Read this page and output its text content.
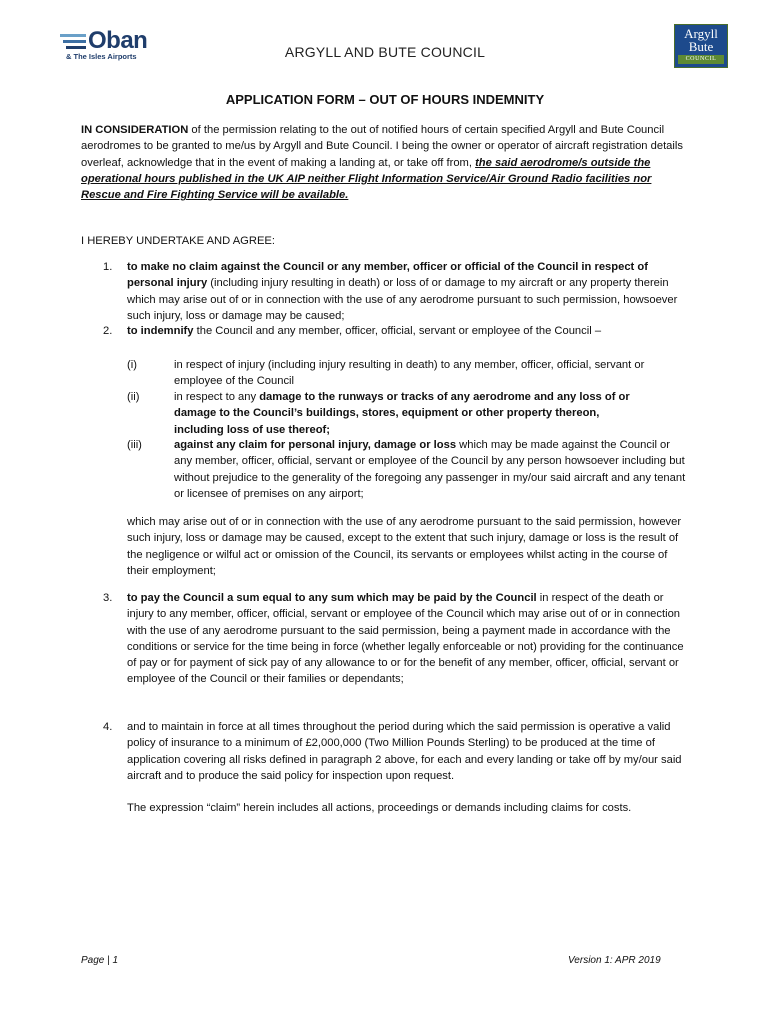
Oban
& The Isles Airports	ARGYLL AND BUTE COUNCIL
Argyll
Bute
COUNCIL
APPLICATION FORM – OUT OF HOURS INDEMNITY
IN CONSIDERATION of the permission relating to the out of notified hours of certain specified Argyll and Bute Council aerodromes to be granted to me/us by Argyll and Bute Council. I being the owner or operator of aircraft registration details overleaf, acknowledge that in the event of making a landing at, or take off from, the said aerodrome/s outside the operational hours published in the UK AIP neither Flight Information Service/Air Ground Radio facilities nor Rescue and Fire Fighting Service will be available.
I HEREBY UNDERTAKE AND AGREE:
1. to make no claim against the Council or any member, officer or official of the Council in respect of personal injury (including injury resulting in death) or loss of or damage to my aircraft or any property therein which may arise out of or in connection with the use of any aerodrome pursuant to such permission, howsoever such injury, loss or damage may be caused;
2. to indemnify the Council and any member, officer, official, servant or employee of the Council –
(i)	in respect of injury (including injury resulting in death) to any member, officer, official, servant or employee of the Council
(ii)	in respect to any damage to the runways or tracks of any aerodrome and any loss of or damage to the Council’s buildings, stores, equipment or other property thereon, including loss of use thereof;
(iii)	against any claim for personal injury, damage or loss which may be made against the Council or any member, officer, official, servant or employee of the Council by any person howsoever including but without prejudice to the generality of the foregoing any passenger in my/our said aircraft and any tenant or licensee of premises on any airport;
which may arise out of or in connection with the use of any aerodrome pursuant to the said permission, however such injury, loss or damage may be caused, except to the extent that such injury, damage or loss is the result of the negligence or wilful act or omission of the Council, its servants or employees whilst acting in the course of their employment;
3. to pay the Council a sum equal to any sum which may be paid by the Council in respect of the death or injury to any member, officer, official, servant or employee of the Council which may arise out of or in connection with the use of any aerodrome pursuant to the said permission, being a payment made in accordance with the conditions or service for the time being in force (whether legally enforceable or not) providing for the continuance of pay or for payment of sick pay of any allowance to or for the benefit of any member, officer, official, servant or employee of the Council or their families or dependants;
4. and to maintain in force at all times throughout the period during which the said permission is operative a valid policy of insurance to a minimum of £2,000,000 (Two Million Pounds Sterling) to be produced at the time of application covering all risks defined in paragraph 2 above, for each and every landing or take off by my/our said aircraft and to produce the said policy for inspection upon request.
The expression “claim” herein includes all actions, proceedings or demands including claims for costs.
Page | 1	Version 1: APR 2019
